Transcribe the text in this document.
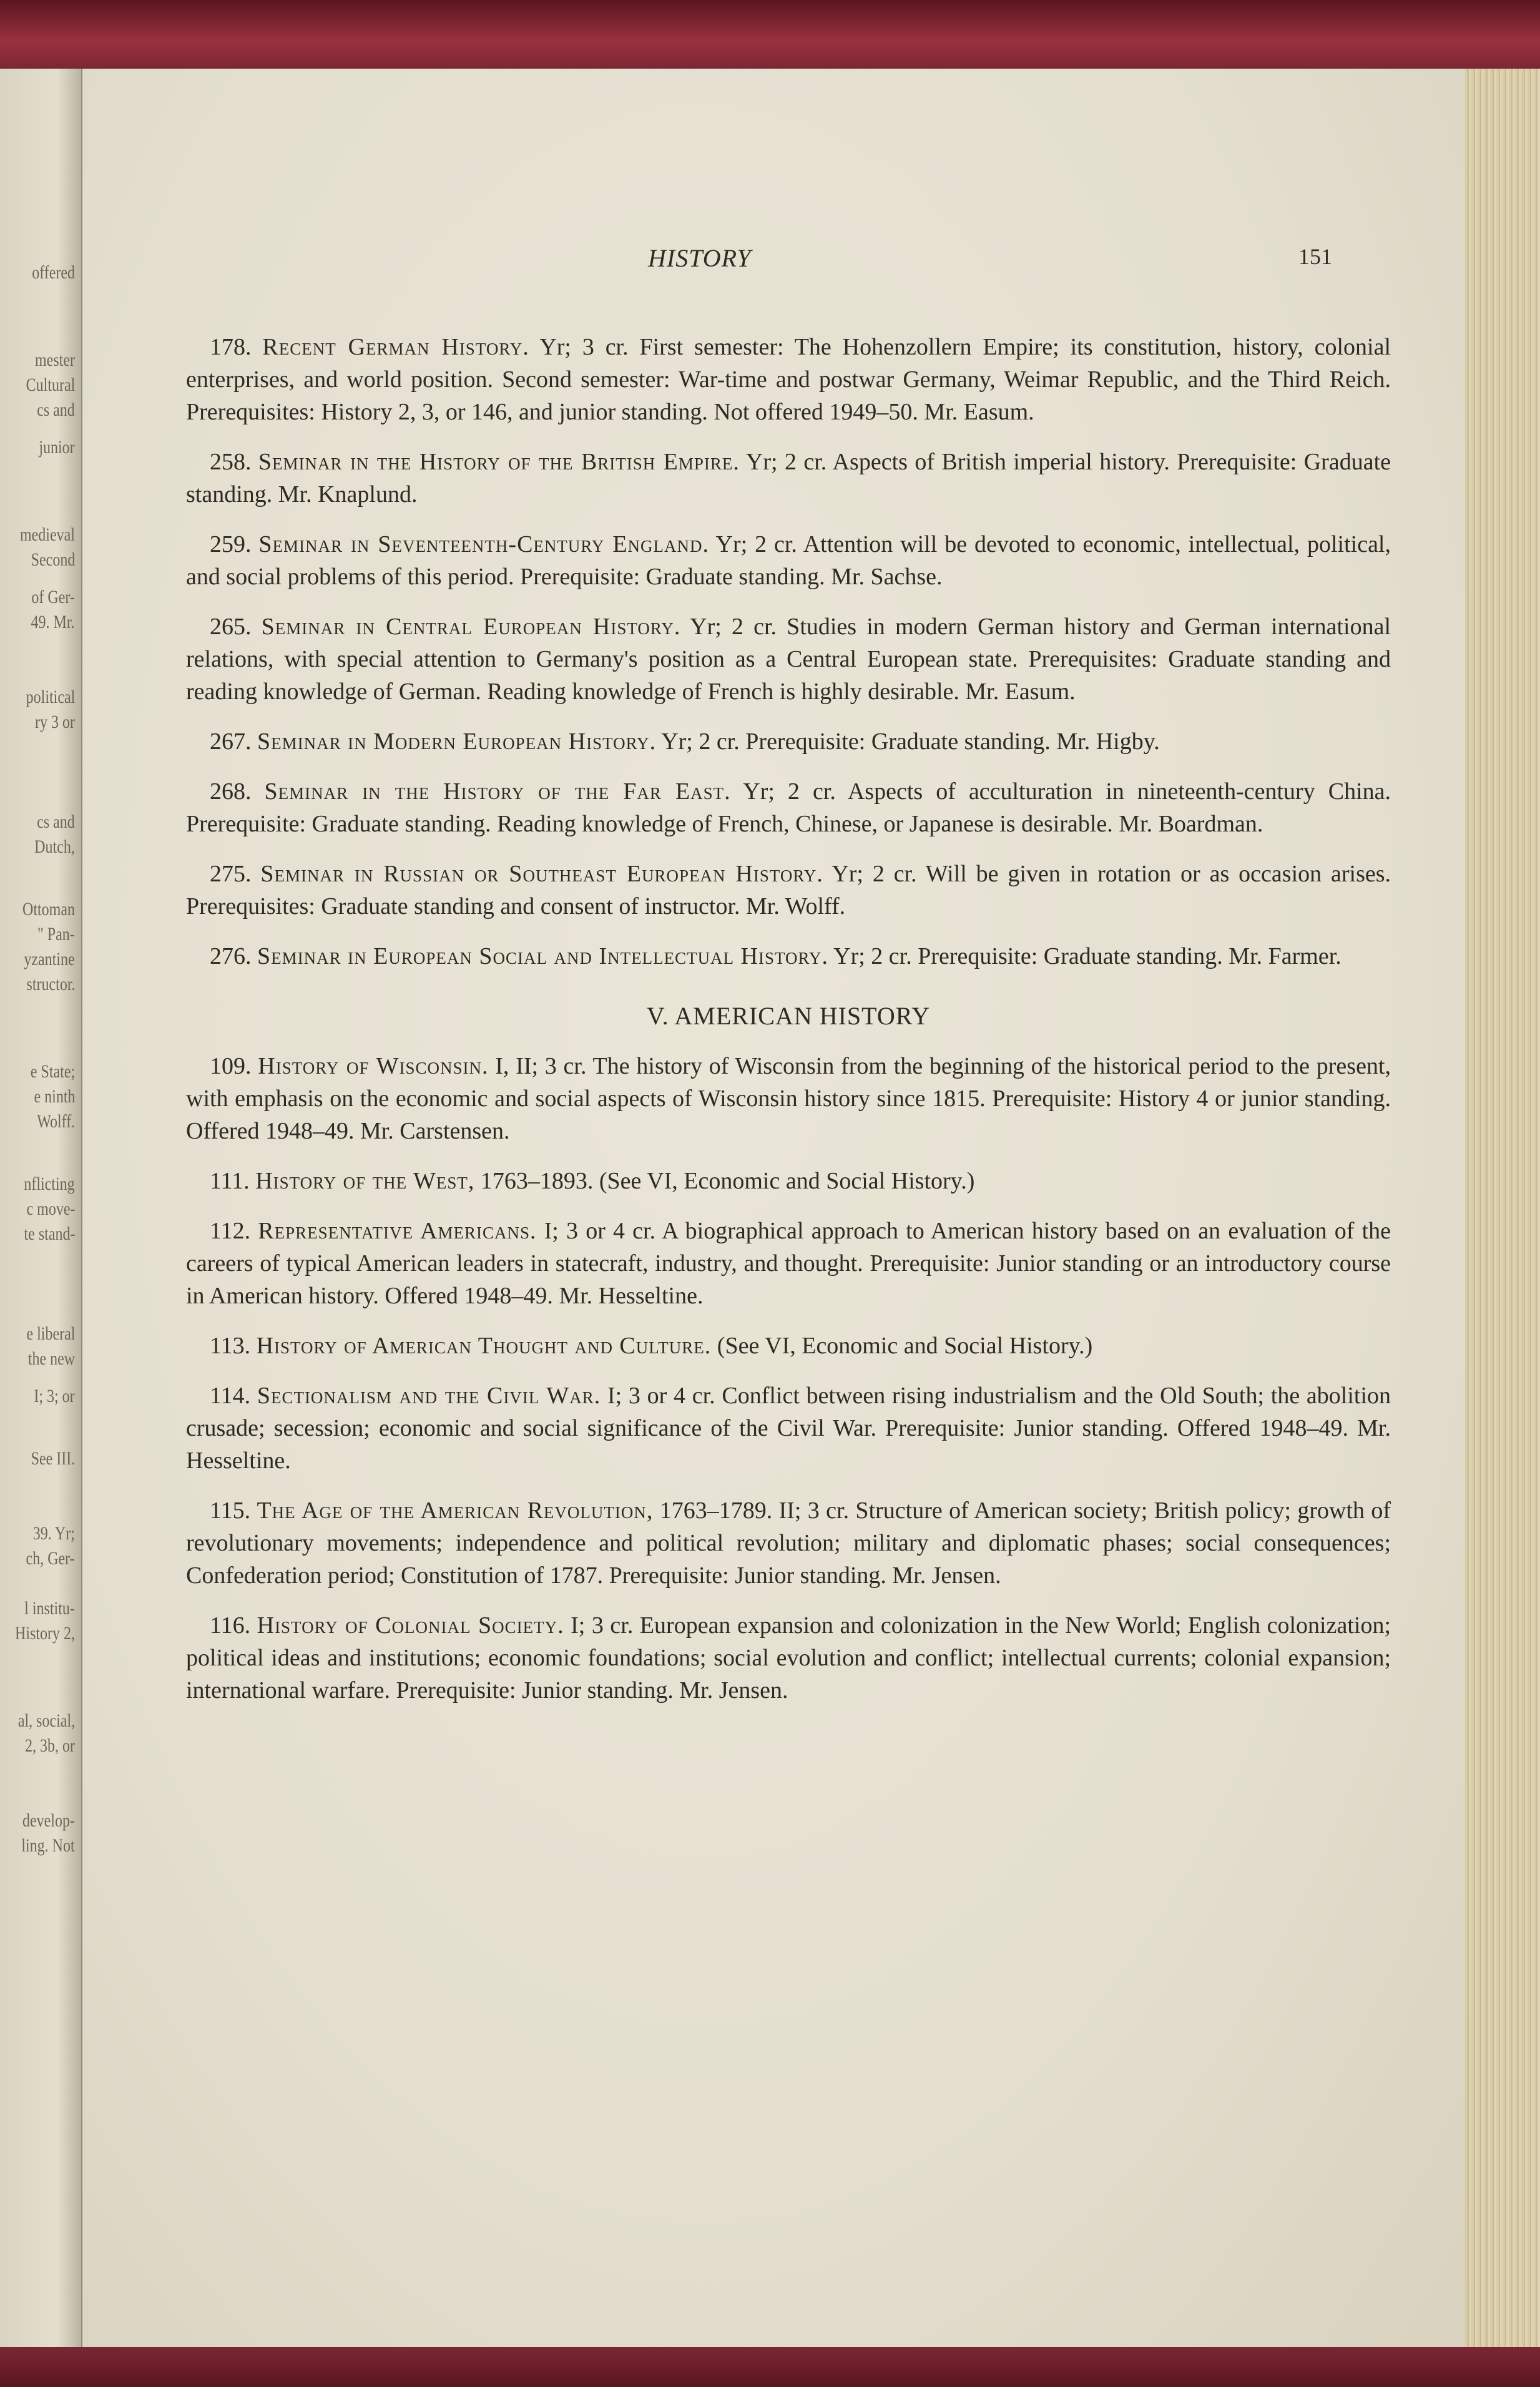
offered
mester
Cultural
cs and
junior
medieval
Second
of Ger-
49. Mr.
political
ry 3 or
cs and
Dutch,
Ottoman
" Pan-
yzantine
structor.
e State;
e ninth
Wolff.
nflicting
c move-
te stand-
e liberal
the new
I; 3; or
See III.
39. Yr;
ch, Ger-
l institu-
History 2,
al, social,
2, 3b, or
develop-
ling. Not
HISTORY	151

178. Recent German History. Yr; 3 cr. First semester: The Hohenzollern Empire; its constitution, history, colonial enterprises, and world position. Second semester: War-time and postwar Germany, Weimar Republic, and the Third Reich. Prerequisites: History 2, 3, or 146, and junior standing. Not offered 1949–50. Mr. Easum.

258. Seminar in the History of the British Empire. Yr; 2 cr. Aspects of British imperial history. Prerequisite: Graduate standing. Mr. Knaplund.

259. Seminar in Seventeenth-Century England. Yr; 2 cr. Attention will be devoted to economic, intellectual, political, and social problems of this period. Prerequisite: Graduate standing. Mr. Sachse.

265. Seminar in Central European History. Yr; 2 cr. Studies in modern German history and German international relations, with special attention to Germany's position as a Central European state. Prerequisites: Graduate standing and reading knowledge of German. Reading knowledge of French is highly desirable. Mr. Easum.

267. Seminar in Modern European History. Yr; 2 cr. Prerequisite: Graduate standing. Mr. Higby.

268. Seminar in the History of the Far East. Yr; 2 cr. Aspects of acculturation in nineteenth-century China. Prerequisite: Graduate standing. Reading knowledge of French, Chinese, or Japanese is desirable. Mr. Boardman.

275. Seminar in Russian or Southeast European History. Yr; 2 cr. Will be given in rotation or as occasion arises. Prerequisites: Graduate standing and consent of instructor. Mr. Wolff.

276. Seminar in European Social and Intellectual History. Yr; 2 cr. Prerequisite: Graduate standing. Mr. Farmer.

V. AMERICAN HISTORY

109. History of Wisconsin. I, II; 3 cr. The history of Wisconsin from the beginning of the historical period to the present, with emphasis on the economic and social aspects of Wisconsin history since 1815. Prerequisite: History 4 or junior standing. Offered 1948–49. Mr. Carstensen.

111. History of the West, 1763–1893. (See VI, Economic and Social History.)

112. Representative Americans. I; 3 or 4 cr. A biographical approach to American history based on an evaluation of the careers of typical American leaders in statecraft, industry, and thought. Prerequisite: Junior standing or an introductory course in American history. Offered 1948–49. Mr. Hesseltine.

113. History of American Thought and Culture. (See VI, Economic and Social History.)

114. Sectionalism and the Civil War. I; 3 or 4 cr. Conflict between rising industrialism and the Old South; the abolition crusade; secession; economic and social significance of the Civil War. Prerequisite: Junior standing. Offered 1948–49. Mr. Hesseltine.

115. The Age of the American Revolution, 1763–1789. II; 3 cr. Structure of American society; British policy; growth of revolutionary movements; independence and political revolution; military and diplomatic phases; social consequences; Confederation period; Constitution of 1787. Prerequisite: Junior standing. Mr. Jensen.

116. History of Colonial Society. I; 3 cr. European expansion and colonization in the New World; English colonization; political ideas and institutions; economic foundations; social evolution and conflict; intellectual currents; colonial expansion; international warfare. Prerequisite: Junior standing. Mr. Jensen.
